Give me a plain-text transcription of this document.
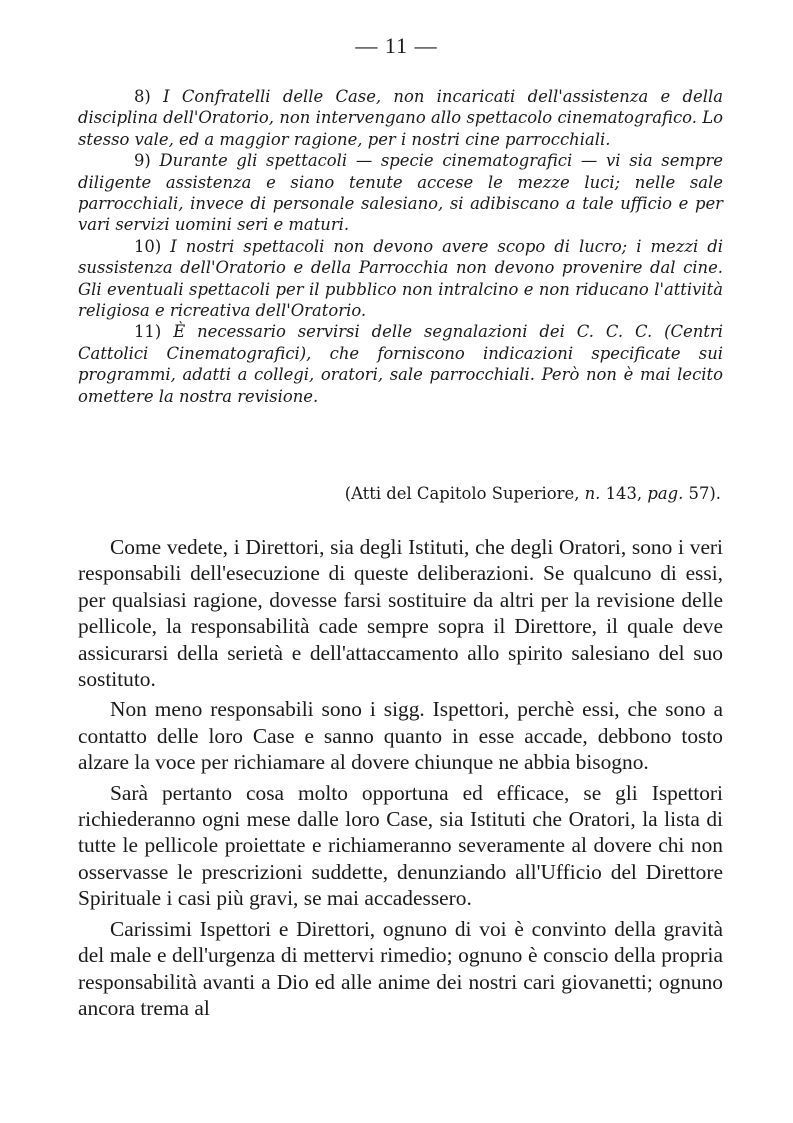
— 11 —

8) I Confratelli delle Case, non incaricati dell'assistenza e della disciplina dell'Oratorio, non intervengano allo spettacolo cinematografico. Lo stesso vale, ed a maggior ragione, per i nostri cine parrocchiali.

9) Durante gli spettacoli — specie cinematografici — vi sia sempre diligente assistenza e siano tenute accese le mezze luci; nelle sale parrocchiali, invece di personale salesiano, si adibiscano a tale ufficio e per vari servizi uomini seri e maturi.

10) I nostri spettacoli non devono avere scopo di lucro; i mezzi di sussistenza dell'Oratorio e della Parrocchia non devono provenire dal cine. Gli eventuali spettacoli per il pubblico non intralcino e non riducano l'attività religiosa e ricreativa dell'Oratorio.

11) È necessario servirsi delle segnalazioni dei C. C. C. (Centri Cattolici Cinematografici), che forniscono indicazioni specificate sui programmi, adatti a collegi, oratori, sale parrocchiali. Però non è mai lecito omettere la nostra revisione.

(Atti del Capitolo Superiore, n. 143, pag. 57).

Come vedete, i Direttori, sia degli Istituti, che degli Oratori, sono i veri responsabili dell'esecuzione di queste deliberazioni. Se qualcuno di essi, per qualsiasi ragione, dovesse farsi sostituire da altri per la revisione delle pellicole, la responsabilità cade sempre sopra il Direttore, il quale deve assicurarsi della serietà e dell'attaccamento allo spirito salesiano del suo sostituto.

Non meno responsabili sono i sigg. Ispettori, perchè essi, che sono a contatto delle loro Case e sanno quanto in esse accade, debbono tosto alzare la voce per richiamare al dovere chiunque ne abbia bisogno.

Sarà pertanto cosa molto opportuna ed efficace, se gli Ispettori richiederanno ogni mese dalle loro Case, sia Istituti che Oratori, la lista di tutte le pellicole proiettate e richiameranno severamente al dovere chi non osservasse le prescrizioni suddette, denunziando all'Ufficio del Direttore Spirituale i casi più gravi, se mai accadessero.

Carissimi Ispettori e Direttori, ognuno di voi è convinto della gravità del male e dell'urgenza di mettervi rimedio; ognuno è conscio della propria responsabilità avanti a Dio ed alle anime dei nostri cari giovanetti; ognuno ancora trema al
